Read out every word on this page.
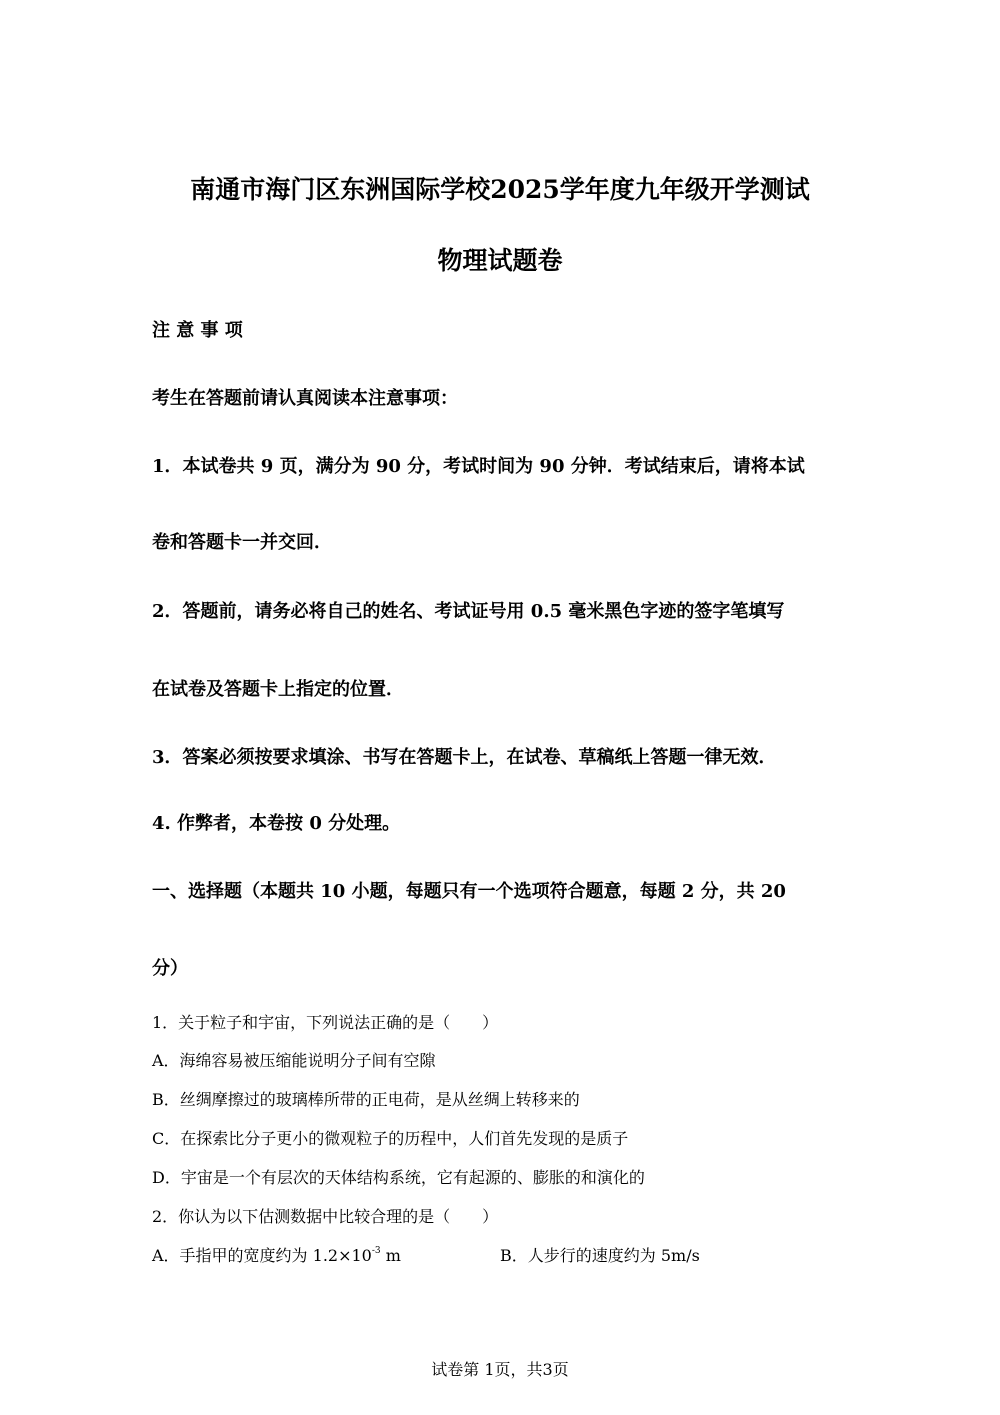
南通市海门区东洲国际学校2025学年度九年级开学测试
物理试题卷
注 意 事 项
考生在答题前请认真阅读本注意事项：
1．本试卷共 9 页，满分为 90 分，考试时间为 90 分钟．考试结束后，请将本试
卷和答题卡一并交回．
2．答题前，请务必将自己的姓名、考试证号用 0.5 毫米黑色字迹的签字笔填写
在试卷及答题卡上指定的位置．
3．答案必须按要求填涂、书写在答题卡上，在试卷、草稿纸上答题一律无效．
4. 作弊者，本卷按 0 分处理。
一、选择题（本题共 10 小题，每题只有一个选项符合题意，每题 2 分，共 20
分）
1．关于粒子和宇宙，下列说法正确的是（　　）
A．海绵容易被压缩能说明分子间有空隙
B．丝绸摩擦过的玻璃棒所带的正电荷，是从丝绸上转移来的
C．在探索比分子更小的微观粒子的历程中，人们首先发现的是质子
D．宇宙是一个有层次的天体结构系统，它有起源的、膨胀的和演化的
2．你认为以下估测数据中比较合理的是（　　）
A．手指甲的宽度约为 $1.2\times 10^{-3}$ m	B．人步行的速度约为 5m/s
试卷第 1页，共3页
